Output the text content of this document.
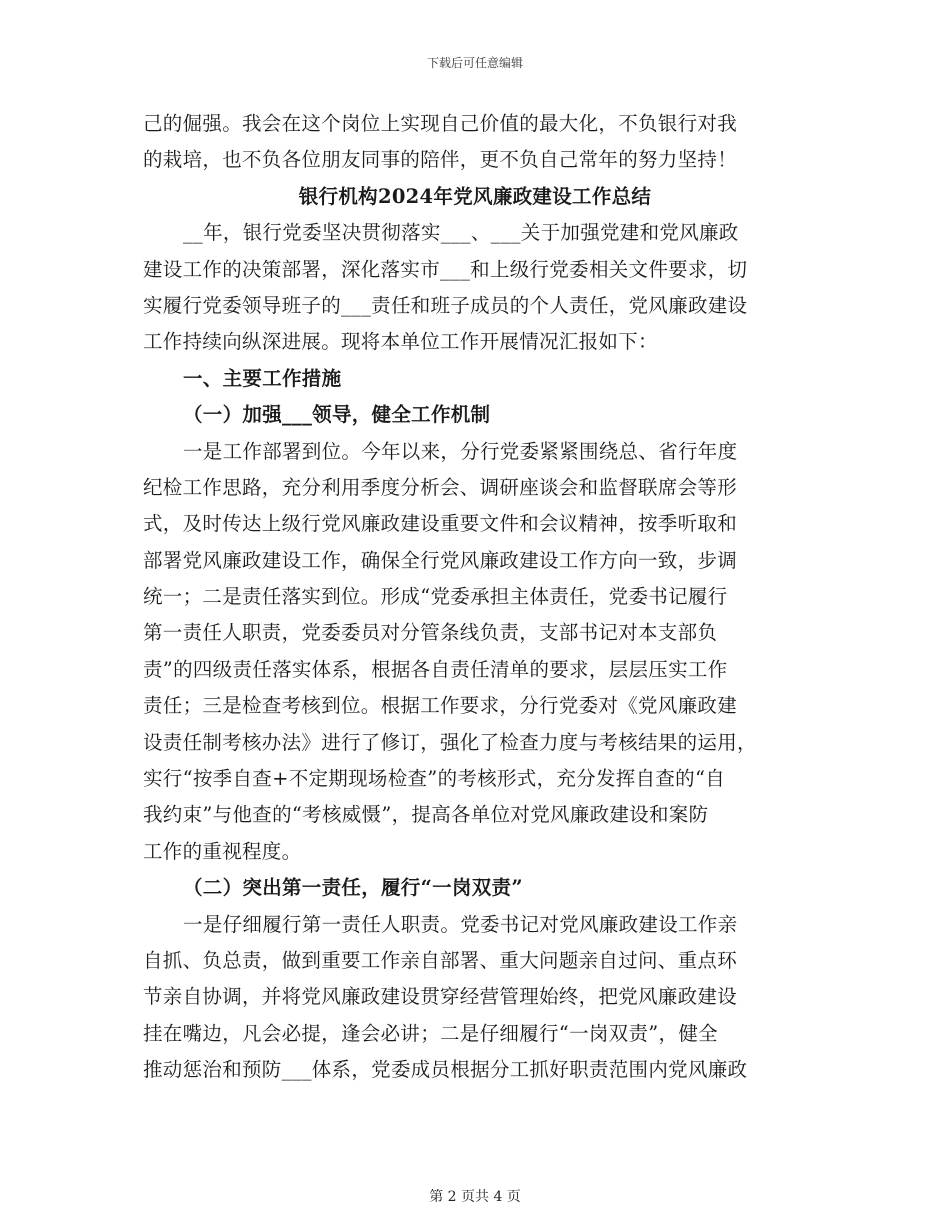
下载后可任意编辑
己的倔强。我会在这个岗位上实现自己价值的最大化，不负银行对我
的栽培，也不负各位朋友同事的陪伴，更不负自己常年的努力坚持！
银行机构2024年党风廉政建设工作总结
__年，银行党委坚决贯彻落实___、___关于加强党建和党风廉政
建设工作的决策部署，深化落实市___和上级行党委相关文件要求，切
实履行党委领导班子的___责任和班子成员的个人责任，党风廉政建设
工作持续向纵深进展。现将本单位工作开展情况汇报如下：
一、主要工作措施
（一）加强___领导，健全工作机制
一是工作部署到位。今年以来，分行党委紧紧围绕总、省行年度
纪检工作思路，充分利用季度分析会、调研座谈会和监督联席会等形
式，及时传达上级行党风廉政建设重要文件和会议精神，按季听取和
部署党风廉政建设工作，确保全行党风廉政建设工作方向一致，步调
统一；二是责任落实到位。形成“党委承担主体责任，党委书记履行
第一责任人职责，党委委员对分管条线负责，支部书记对本支部负
责”的四级责任落实体系，根据各自责任清单的要求，层层压实工作
责任；三是检查考核到位。根据工作要求，分行党委对《党风廉政建
设责任制考核办法》进行了修订，强化了检查力度与考核结果的运用，
实行“按季自查+不定期现场检查”的考核形式，充分发挥自查的“自
我约束”与他查的“考核威慑”，提高各单位对党风廉政建设和案防
工作的重视程度。
（二）突出第一责任，履行“一岗双责”
一是仔细履行第一责任人职责。党委书记对党风廉政建设工作亲
自抓、负总责，做到重要工作亲自部署、重大问题亲自过问、重点环
节亲自协调，并将党风廉政建设贯穿经营管理始终，把党风廉政建设
挂在嘴边，凡会必提，逢会必讲；二是仔细履行“一岗双责”，健全
推动惩治和预防___体系，党委成员根据分工抓好职责范围内党风廉政
第 2 页共 4 页
